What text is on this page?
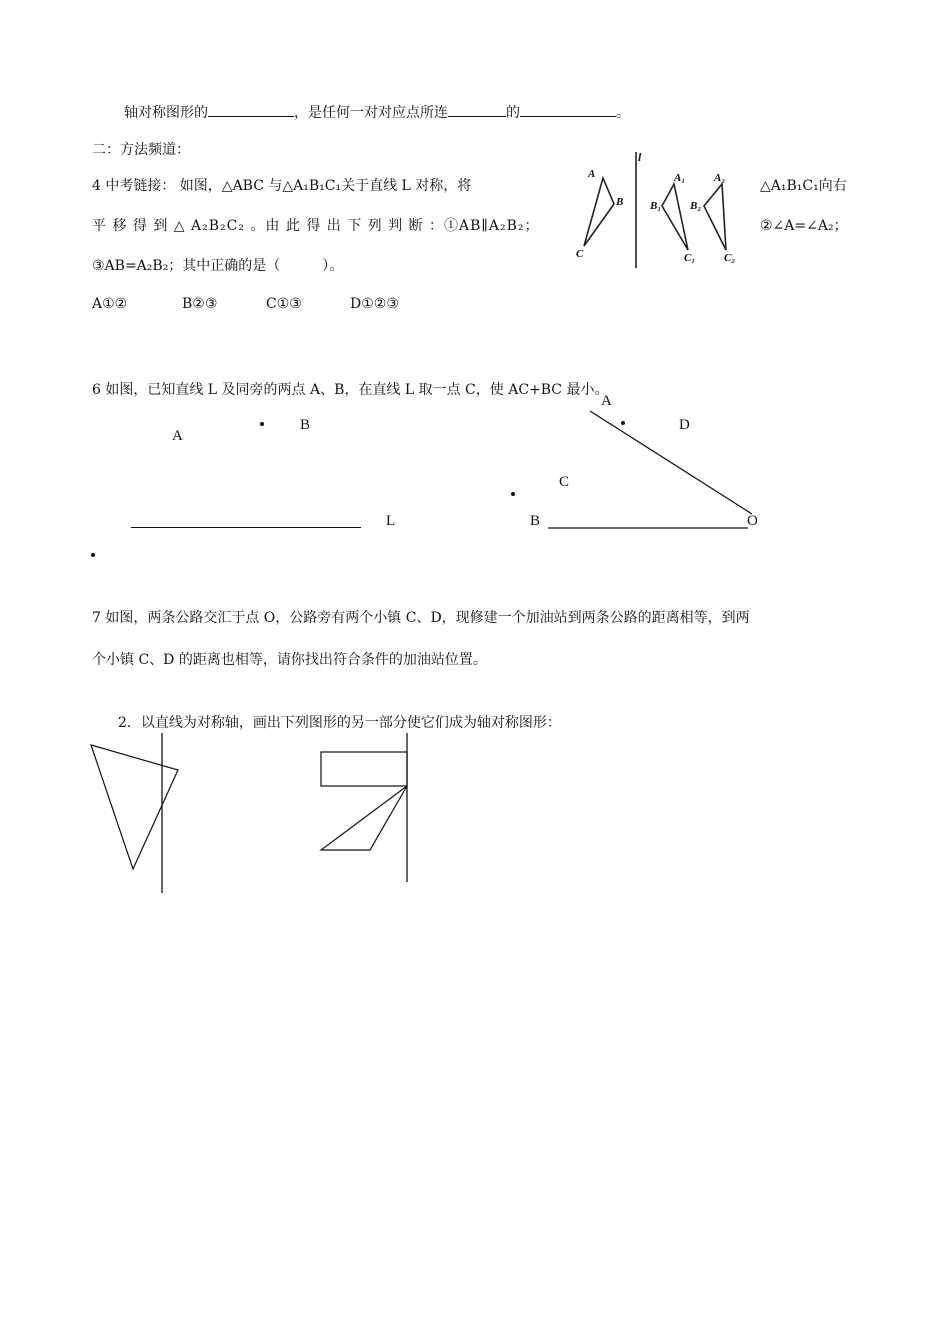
轴对称图形的	，是任何一对对应点所连	的	。
二：方法频道：
4 中考链接： 如图，△ABC 与△A₁B₁C₁关于直线 L 对称，将	△A₁B₁C₁向右
平 移 得 到 △ A₂B₂C₂ 。由 此 得 出 下 列 判 断 ：①AB∥A₂B₂；	②∠A=∠A₂；
③AB=A₂B₂；其中正确的是（　　　）。
A①②	B②③	C①③	D①②③
l
A
B
C
A₁
B₁
C₁
A₂
B₂
C₂
6 如图，已知直线 L 及同旁的两点 A、B，在直线 L 取一点 C，使 AC+BC 最小。
A
B
L
A
D
C
B	O
7 如图，两条公路交汇于点 O，公路旁有两个小镇 C、D，现修建一个加油站到两条公路的距离相等，到两
个小镇 C、D 的距离也相等，请你找出符合条件的加油站位置。
2．以直线为对称轴，画出下列图形的另一部分使它们成为轴对称图形：
